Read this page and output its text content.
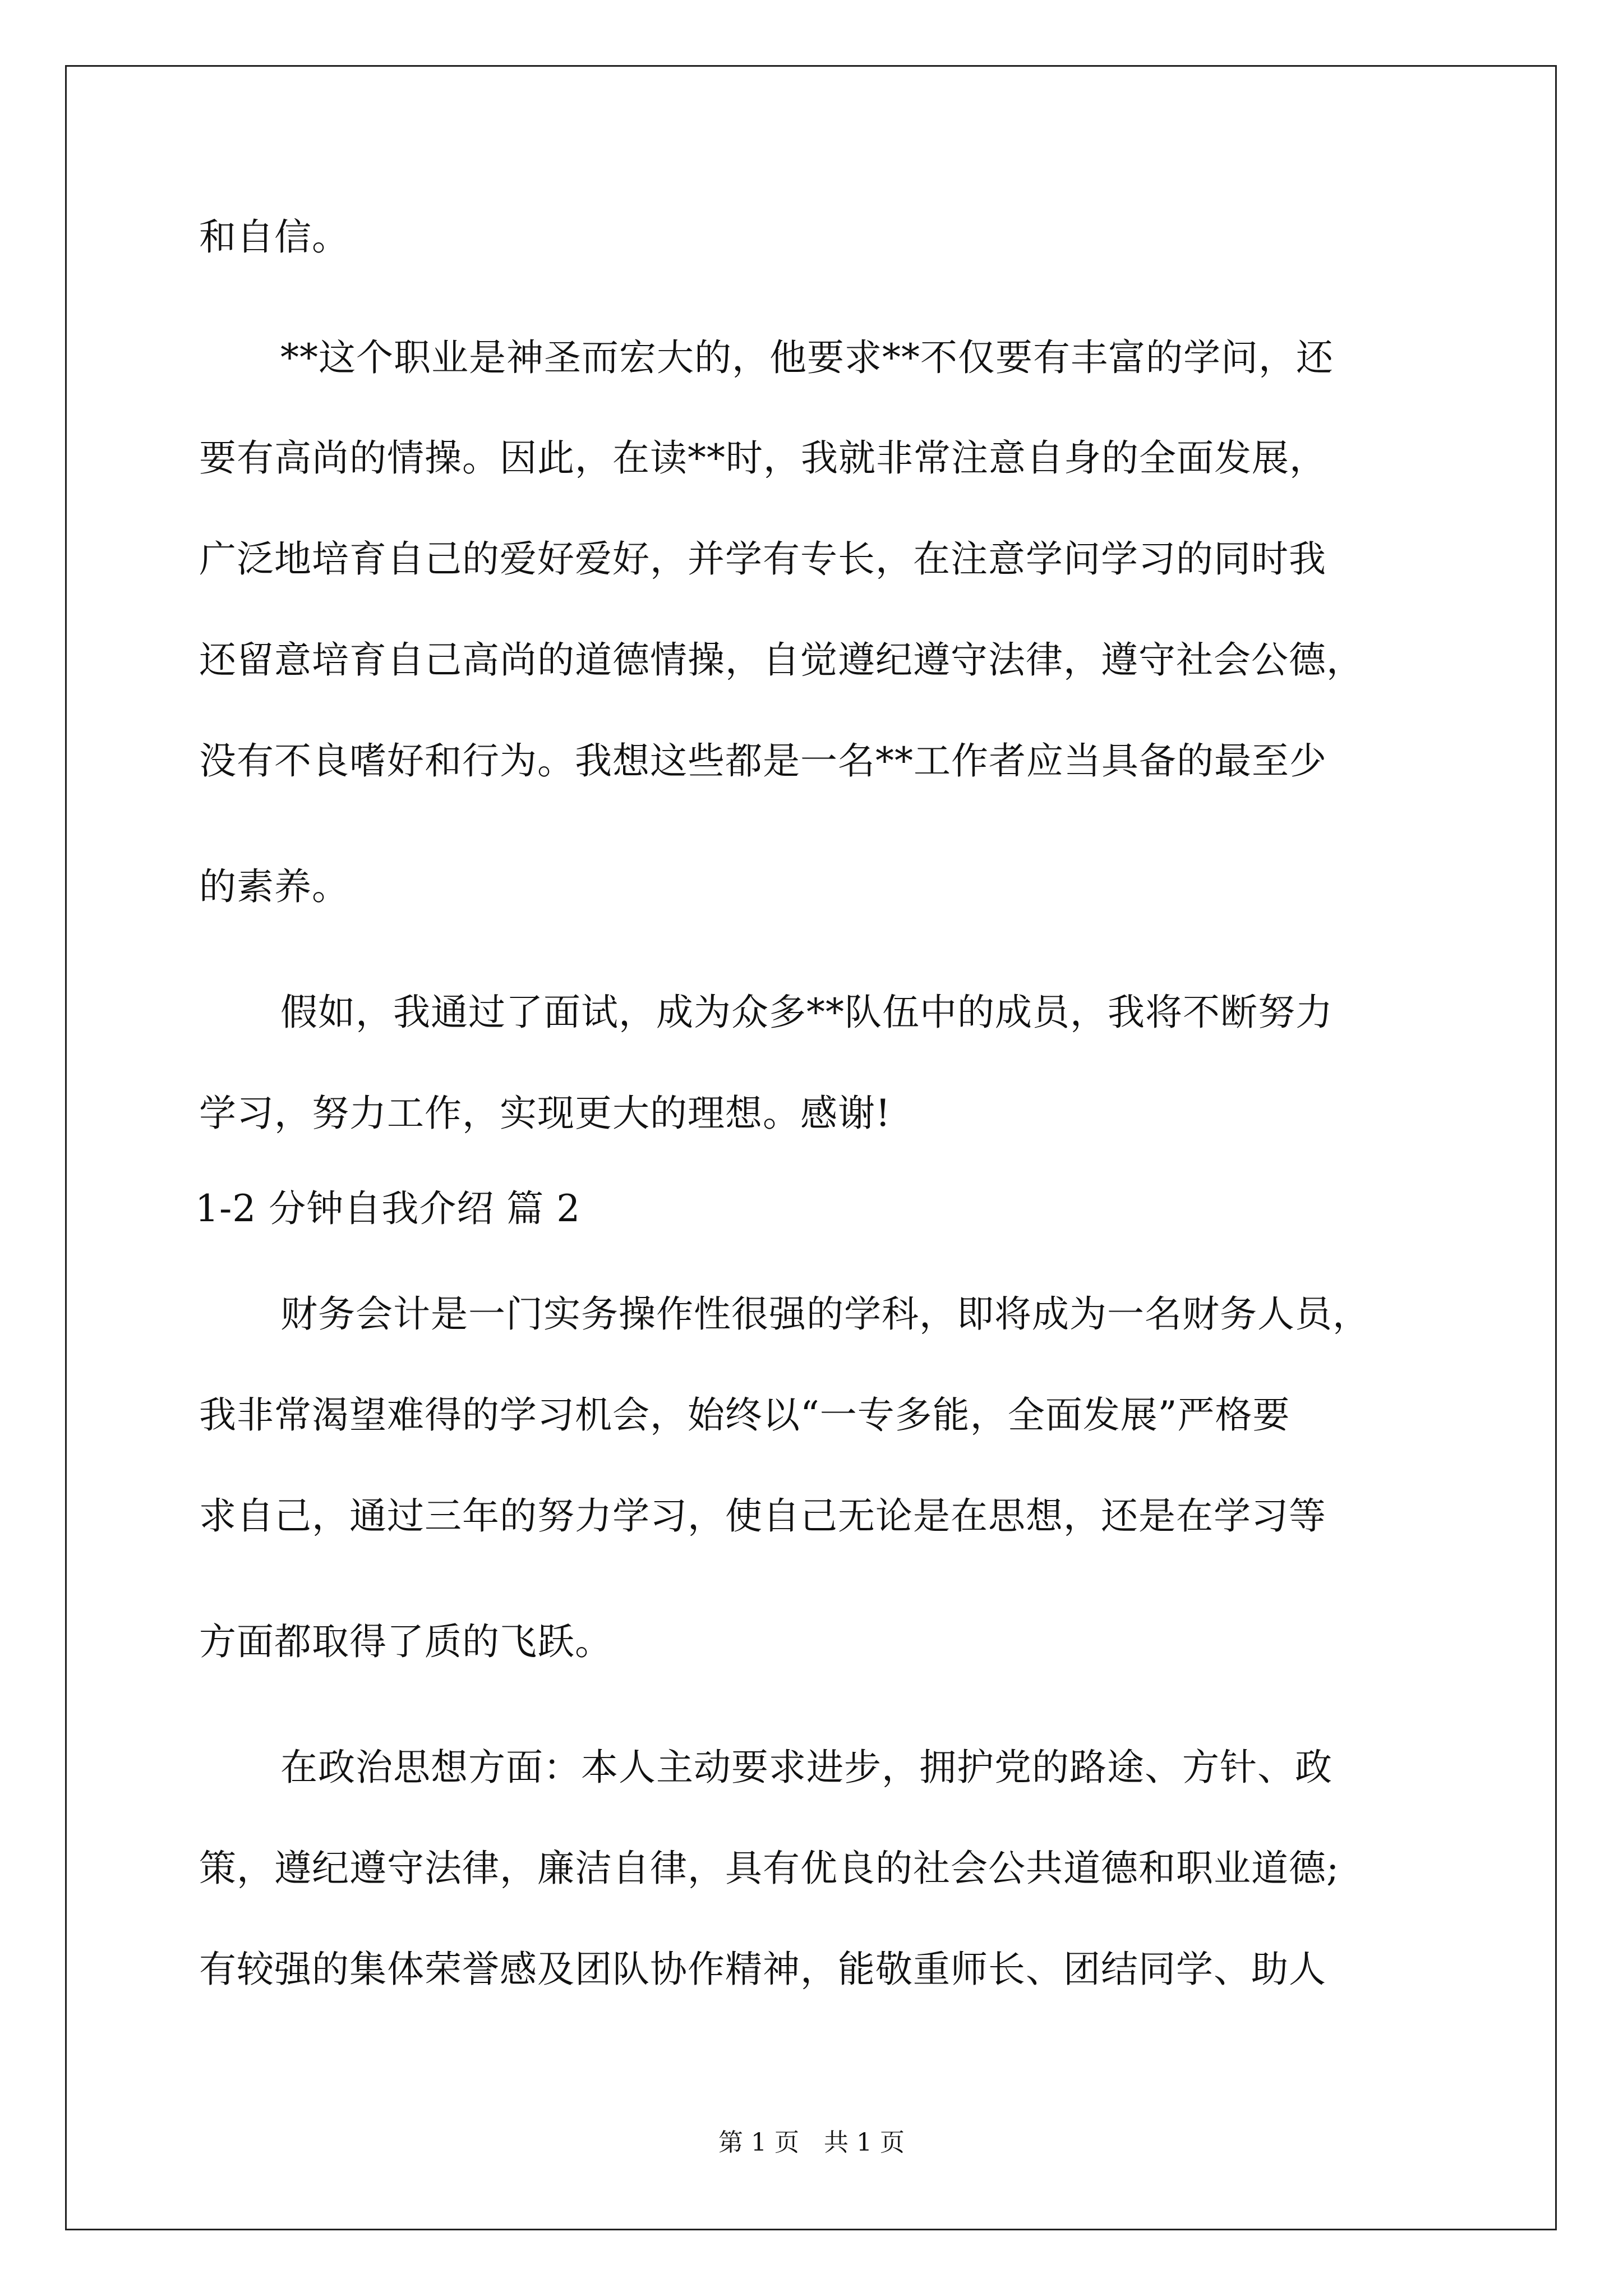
和自信。
**这个职业是神圣而宏大的，他要求**不仅要有丰富的学问，还
要有高尚的情操。因此，在读**时，我就非常注意自身的全面发展，
广泛地培育自己的爱好爱好，并学有专长，在注意学问学习的同时我
还留意培育自己高尚的道德情操，自觉遵纪遵守法律，遵守社会公德，
没有不良嗜好和行为。我想这些都是一名**工作者应当具备的最至少
的素养。
假如，我通过了面试，成为众多**队伍中的成员，我将不断努力
学习，努力工作，实现更大的理想。感谢!
1-2 分钟自我介绍 篇 2
财务会计是一门实务操作性很强的学科，即将成为一名财务人员，
我非常渴望难得的学习机会，始终以“一专多能，全面发展”严格要
求自己，通过三年的努力学习，使自己无论是在思想，还是在学习等
方面都取得了质的飞跃。
在政治思想方面：本人主动要求进步，拥护党的路途、方针、政
策，遵纪遵守法律，廉洁自律，具有优良的社会公共道德和职业道德;
有较强的集体荣誉感及团队协作精神，能敬重师长、团结同学、助人
第 1 页　共 1 页
